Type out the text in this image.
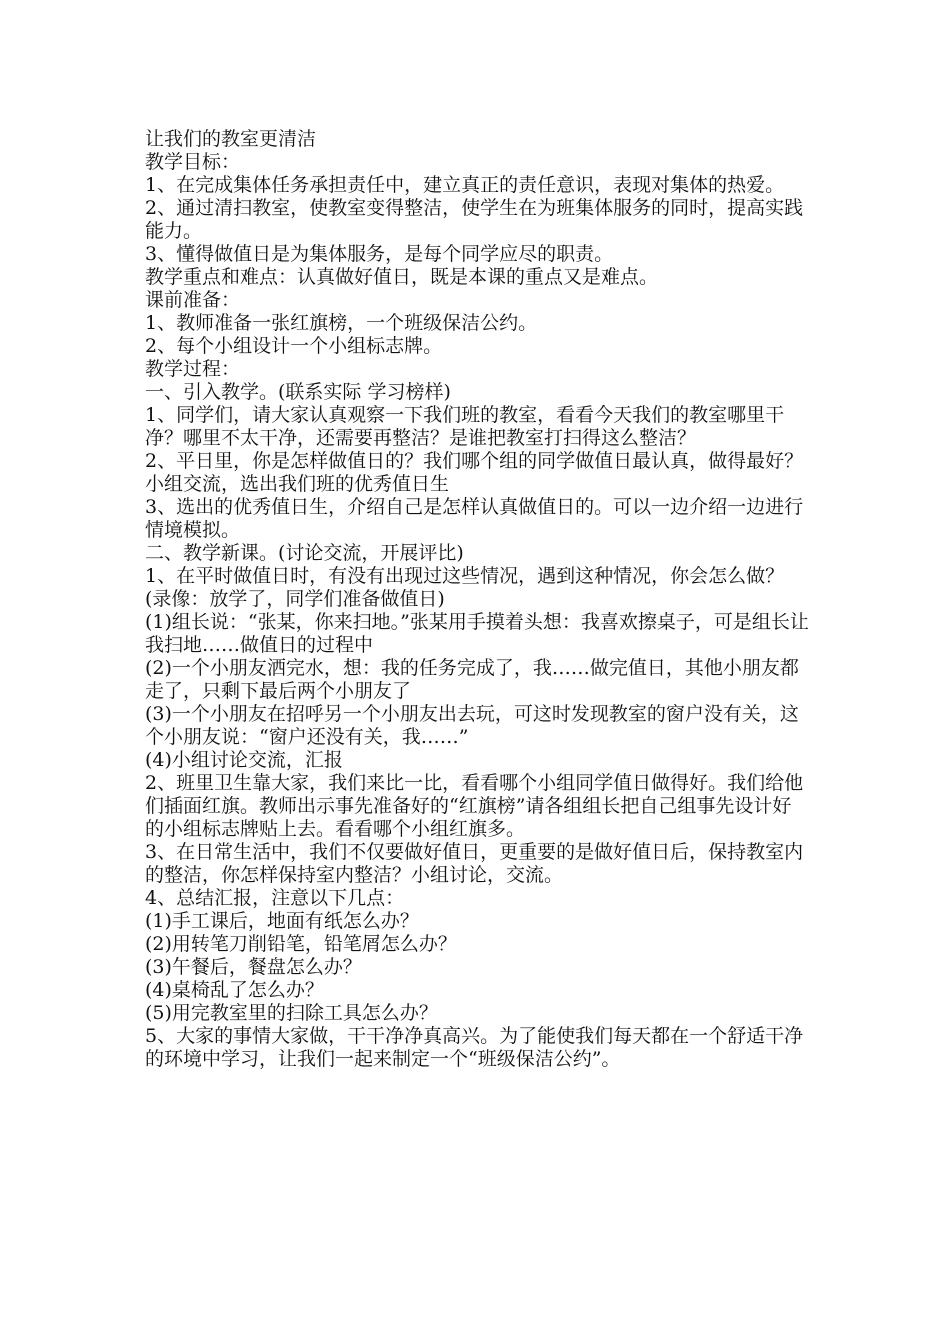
让我们的教室更清洁
教学目标：
1、在完成集体任务承担责任中，建立真正的责任意识，表现对集体的热爱。
2、通过清扫教室，使教室变得整洁，使学生在为班集体服务的同时，提高实践能力。
3、懂得做值日是为集体服务，是每个同学应尽的职责。
教学重点和难点：认真做好值日，既是本课的重点又是难点。
课前准备：
1、教师准备一张红旗榜，一个班级保洁公约。
2、每个小组设计一个小组标志牌。
教学过程：
一、引入教学。(联系实际 学习榜样)
1、同学们，请大家认真观察一下我们班的教室，看看今天我们的教室哪里干净？哪里不太干净，还需要再整洁？是谁把教室打扫得这么整洁？
2、平日里，你是怎样做值日的？我们哪个组的同学做值日最认真，做得最好？小组交流，选出我们班的优秀值日生
3、选出的优秀值日生，介绍自己是怎样认真做值日的。可以一边介绍一边进行情境模拟。
二、教学新课。(讨论交流，开展评比)
1、在平时做值日时，有没有出现过这些情况，遇到这种情况，你会怎么做？
(录像：放学了，同学们准备做值日)
(1)组长说：“张某，你来扫地。”张某用手摸着头想：我喜欢擦桌子，可是组长让我扫地……做值日的过程中
(2)一个小朋友洒完水，想：我的任务完成了，我……做完值日，其他小朋友都走了，只剩下最后两个小朋友了
(3)一个小朋友在招呼另一个小朋友出去玩，可这时发现教室的窗户没有关，这个小朋友说：“窗户还没有关，我……”
(4)小组讨论交流，汇报
2、班里卫生靠大家，我们来比一比，看看哪个小组同学值日做得好。我们给他们插面红旗。教师出示事先准备好的“红旗榜”请各组组长把自己组事先设计好的小组标志牌贴上去。看看哪个小组红旗多。
3、在日常生活中，我们不仅要做好值日，更重要的是做好值日后，保持教室内的整洁，你怎样保持室内整洁？小组讨论，交流。
4、总结汇报，注意以下几点：
(1)手工课后，地面有纸怎么办？
(2)用转笔刀削铅笔，铅笔屑怎么办？
(3)午餐后，餐盘怎么办？
(4)桌椅乱了怎么办？
(5)用完教室里的扫除工具怎么办？
5、大家的事情大家做，干干净净真高兴。为了能使我们每天都在一个舒适干净的环境中学习，让我们一起来制定一个“班级保洁公约”。
